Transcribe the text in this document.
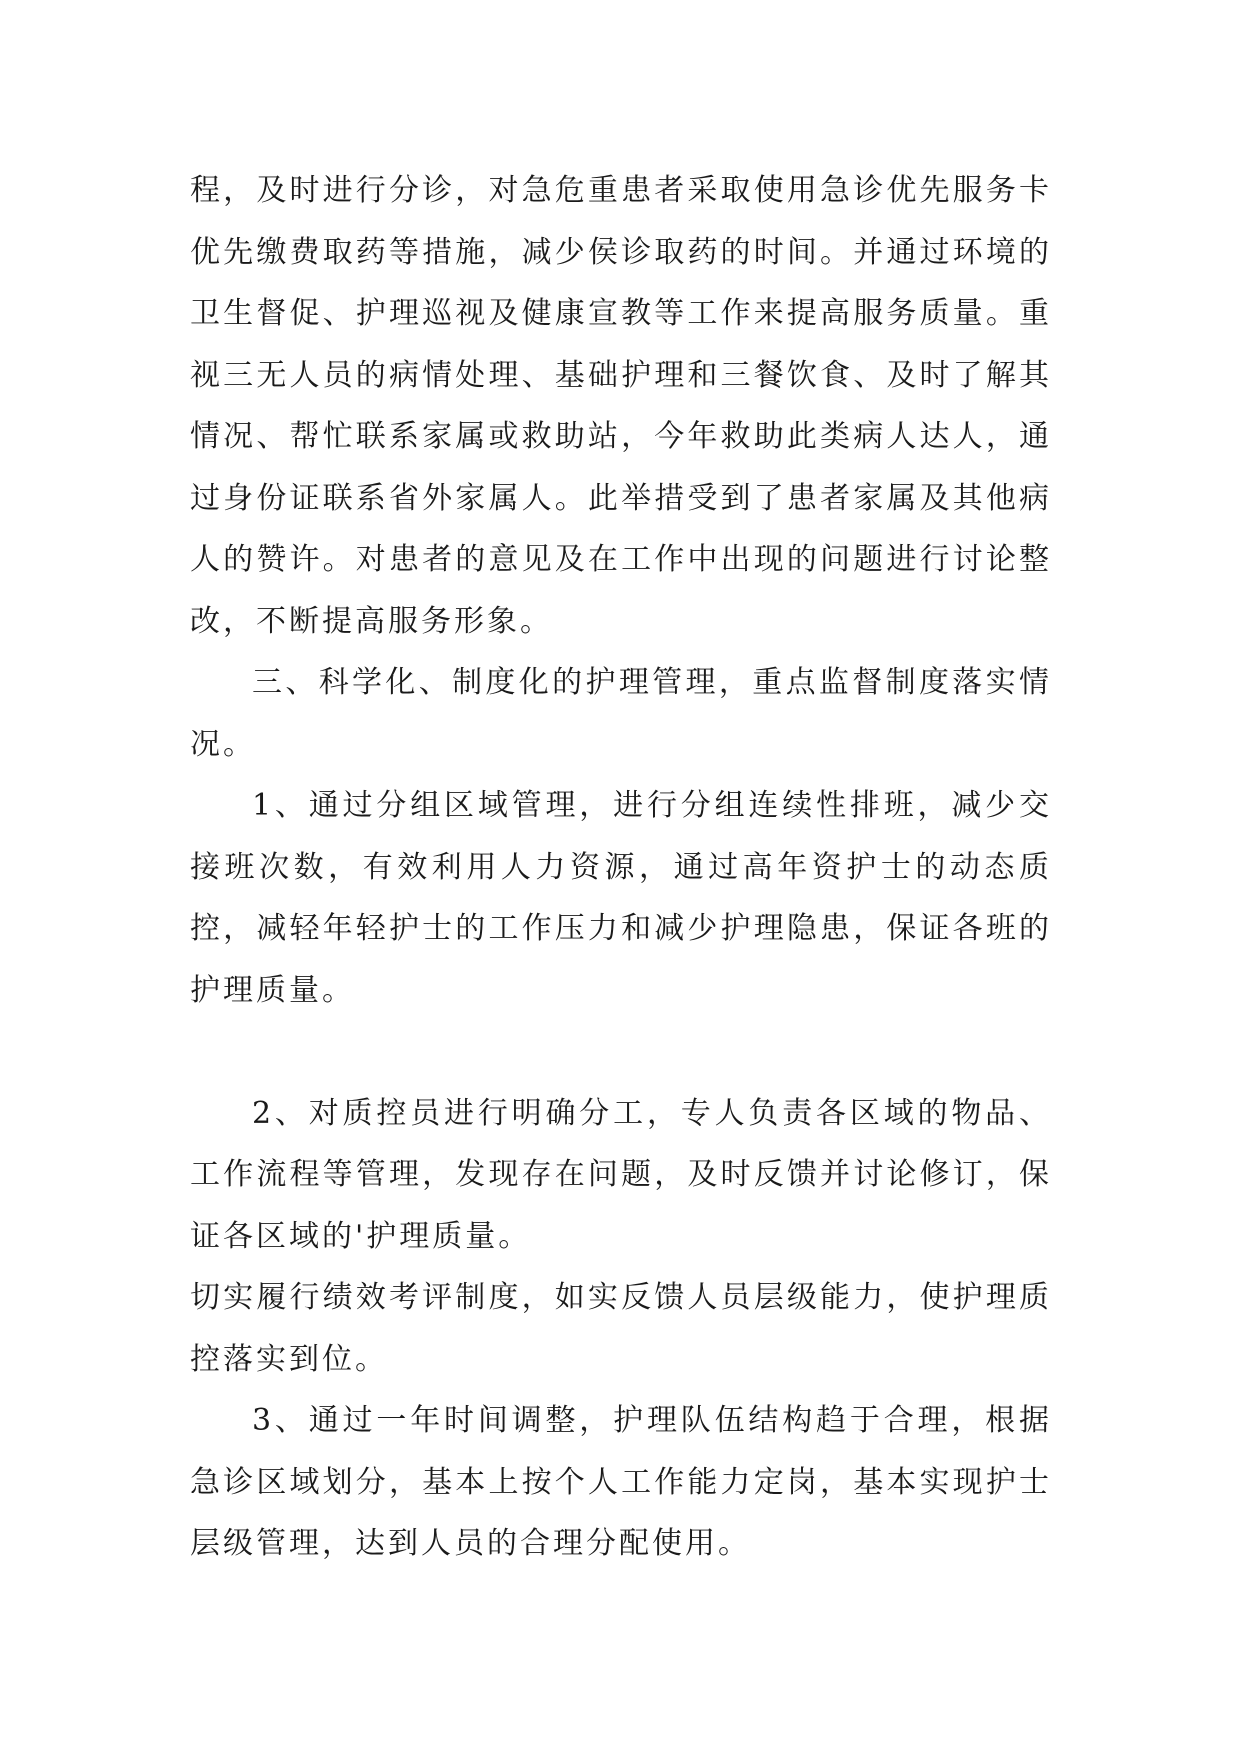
程，及时进行分诊，对急危重患者采取使用急诊优先服务卡优先缴费取药等措施，减少侯诊取药的时间。并通过环境的卫生督促、护理巡视及健康宣教等工作来提高服务质量。重视三无人员的病情处理、基础护理和三餐饮食、及时了解其情况、帮忙联系家属或救助站，今年救助此类病人达人，通过身份证联系省外家属人。此举措受到了患者家属及其他病人的赞许。对患者的意见及在工作中出现的问题进行讨论整改，不断提高服务形象。

三、科学化、制度化的护理管理，重点监督制度落实情况。

1、通过分组区域管理，进行分组连续性排班，减少交接班次数，有效利用人力资源，通过高年资护士的动态质控，减轻年轻护士的工作压力和减少护理隐患，保证各班的护理质量。

2、对质控员进行明确分工，专人负责各区域的物品、工作流程等管理，发现存在问题，及时反馈并讨论修订，保证各区域的'护理质量。

切实履行绩效考评制度，如实反馈人员层级能力，使护理质控落实到位。

3、通过一年时间调整，护理队伍结构趋于合理，根据急诊区域划分，基本上按个人工作能力定岗，基本实现护士层级管理，达到人员的合理分配使用。
